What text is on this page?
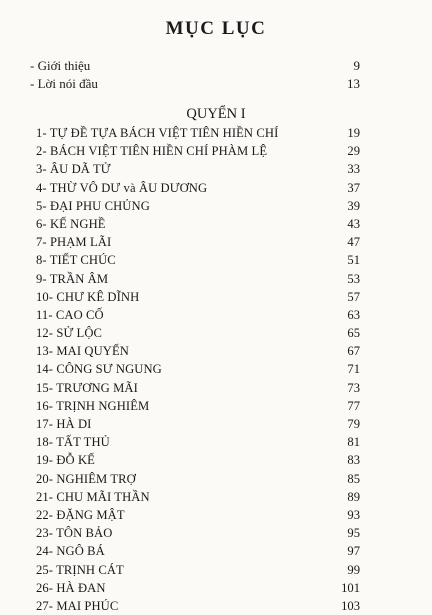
MỤC LỤC
- Giới thiệu	9
- Lời nói đầu	13
QUYỂN I
1- TỰ ĐỀ TỰA BÁCH VIỆT TIÊN HIỀN CHÍ	19
2- BÁCH VIỆT TIÊN HIỀN CHÍ PHÀM LỆ	29
3- ÂU DÃ TỬ	33
4- THỪ VÔ DƯ và ÂU DƯƠNG	37
5- ĐẠI PHU CHỦNG	39
6- KẾ NGHỀ	43
7- PHẠM LÃI	47
8- TIẾT CHÚC	51
9- TRẦN ÂM	53
10- CHƯ KÊ DĨNH	57
11- CAO CỐ	63
12- SỬ LỘC	65
13- MAI QUYẾN	67
14- CÔNG SƯ NGUNG	71
15- TRƯƠNG MÃI	73
16- TRỊNH NGHIÊM	77
17- HÀ DI	79
18- TẤT THỦ	81
19- ĐỖ KẾ	83
20- NGHIÊM TRỢ	85
21- CHU MÃI THẦN	89
22- ĐẶNG MẬT	93
23- TÔN BẢO	95
24- NGÔ BÁ	97
25- TRỊNH CÁT	99
26- HÀ ĐAN	101
27- MAI PHÚC	103
